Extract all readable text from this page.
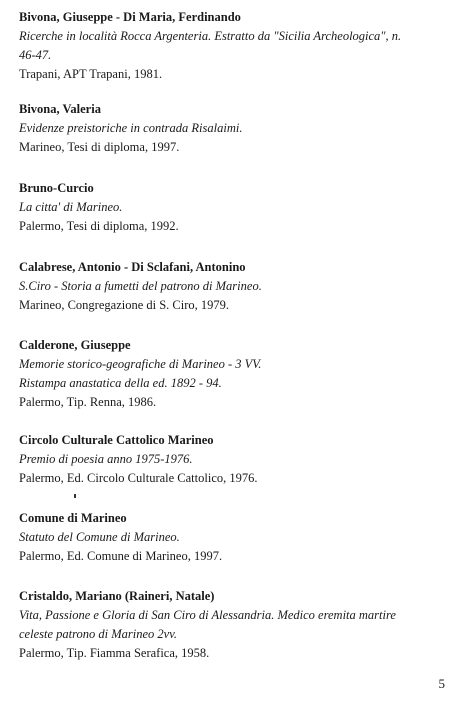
Bivona, Giuseppe - Di Maria, Ferdinando
Ricerche in località Rocca Argenteria. Estratto da "Sicilia Archeologica", n.
46-47.
Trapani, APT Trapani, 1981.
Bivona, Valeria
Evidenze preistoriche in contrada Risalaimi.
Marineo, Tesi di diploma, 1997.
Bruno-Curcio
La citta' di Marineo.
Palermo, Tesi di diploma, 1992.
Calabrese, Antonio - Di Sclafani, Antonino
S.Ciro - Storia a fumetti del patrono di Marineo.
Marineo, Congregazione di S. Ciro, 1979.
Calderone, Giuseppe
Memorie storico-geografiche di Marineo - 3 VV.
Ristampa anastatica della ed. 1892 - 94.
Palermo, Tip. Renna, 1986.
Circolo Culturale Cattolico Marineo
Premio di poesia anno 1975-1976.
Palermo, Ed. Circolo Culturale Cattolico, 1976.
Comune di Marineo
Statuto del Comune di Marineo.
Palermo, Ed. Comune di Marineo, 1997.
Cristaldo, Mariano (Raineri, Natale)
Vita, Passione e Gloria di San Ciro di Alessandria. Medico eremita martire
celeste patrono di Marineo 2vv.
Palermo, Tip. Fiamma Serafica, 1958.
5
